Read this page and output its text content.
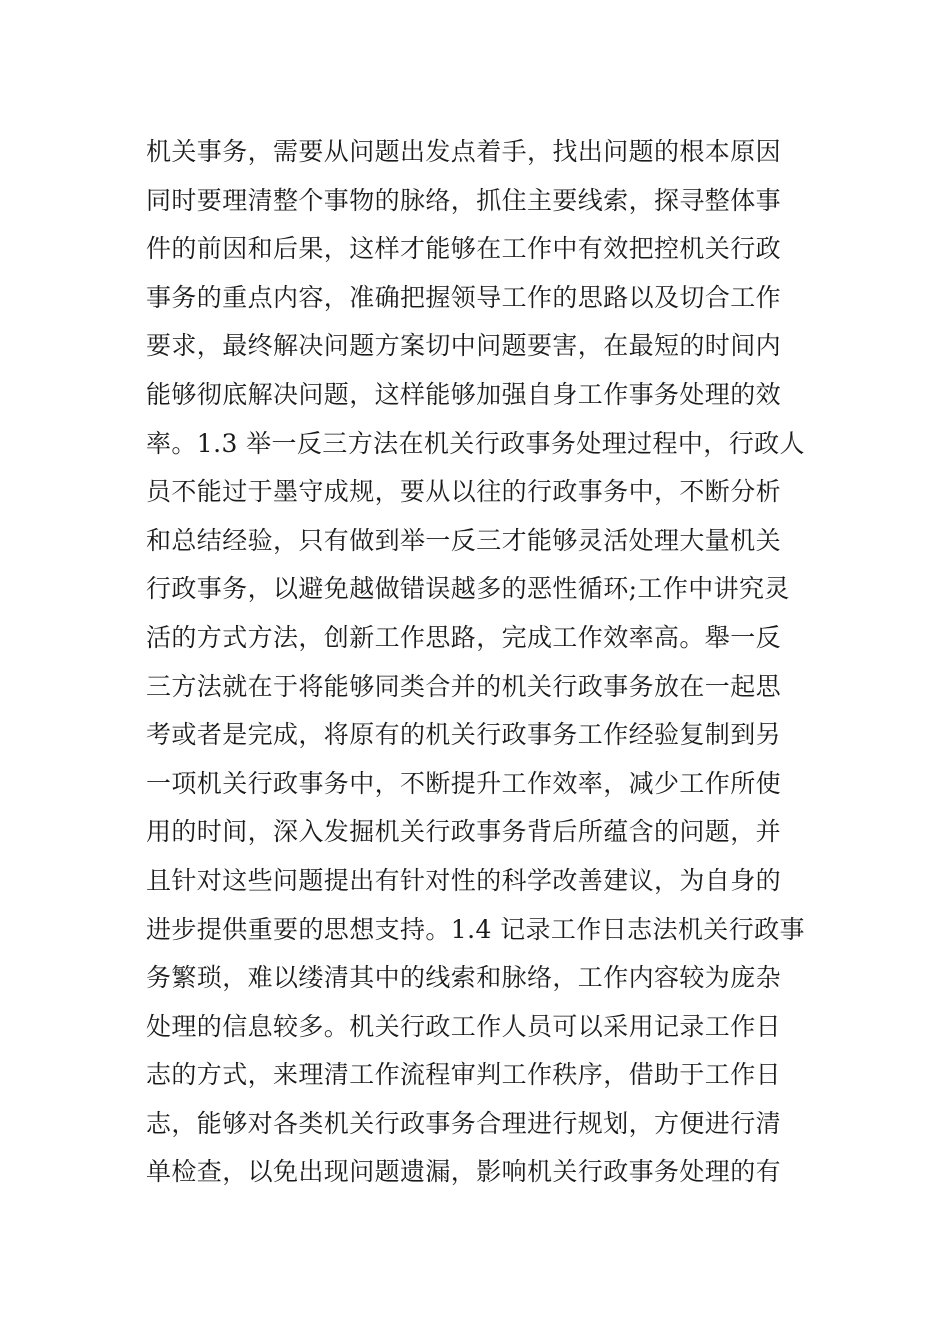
机关事务，需要从问题出发点着手，找出问题的根本原因
同时要理清整个事物的脉络，抓住主要线索，探寻整体事
件的前因和后果，这样才能够在工作中有效把控机关行政
事务的重点内容，准确把握领导工作的思路以及切合工作
要求，最终解决问题方案切中问题要害，在最短的时间内
能够彻底解决问题，这样能够加强自身工作事务处理的效
率。1.3 举一反三方法在机关行政事务处理过程中，行政人
员不能过于墨守成规，要从以往的行政事务中，不断分析
和总结经验，只有做到举一反三才能够灵活处理大量机关
行政事务，以避免越做错误越多的恶性循环;工作中讲究灵
活的方式方法，创新工作思路，完成工作效率高。舉一反
三方法就在于将能够同类合并的机关行政事务放在一起思
考或者是完成，将原有的机关行政事务工作经验复制到另
一项机关行政事务中，不断提升工作效率，减少工作所使
用的时间，深入发掘机关行政事务背后所蕴含的问题，并
且针对这些问题提出有针对性的科学改善建议，为自身的
进步提供重要的思想支持。1.4 记录工作日志法机关行政事
务繁琐，难以缕清其中的线索和脉络，工作内容较为庞杂
处理的信息较多。机关行政工作人员可以采用记录工作日
志的方式，来理清工作流程审判工作秩序，借助于工作日
志，能够对各类机关行政事务合理进行规划，方便进行清
单检查，以免出现问题遗漏，影响机关行政事务处理的有
